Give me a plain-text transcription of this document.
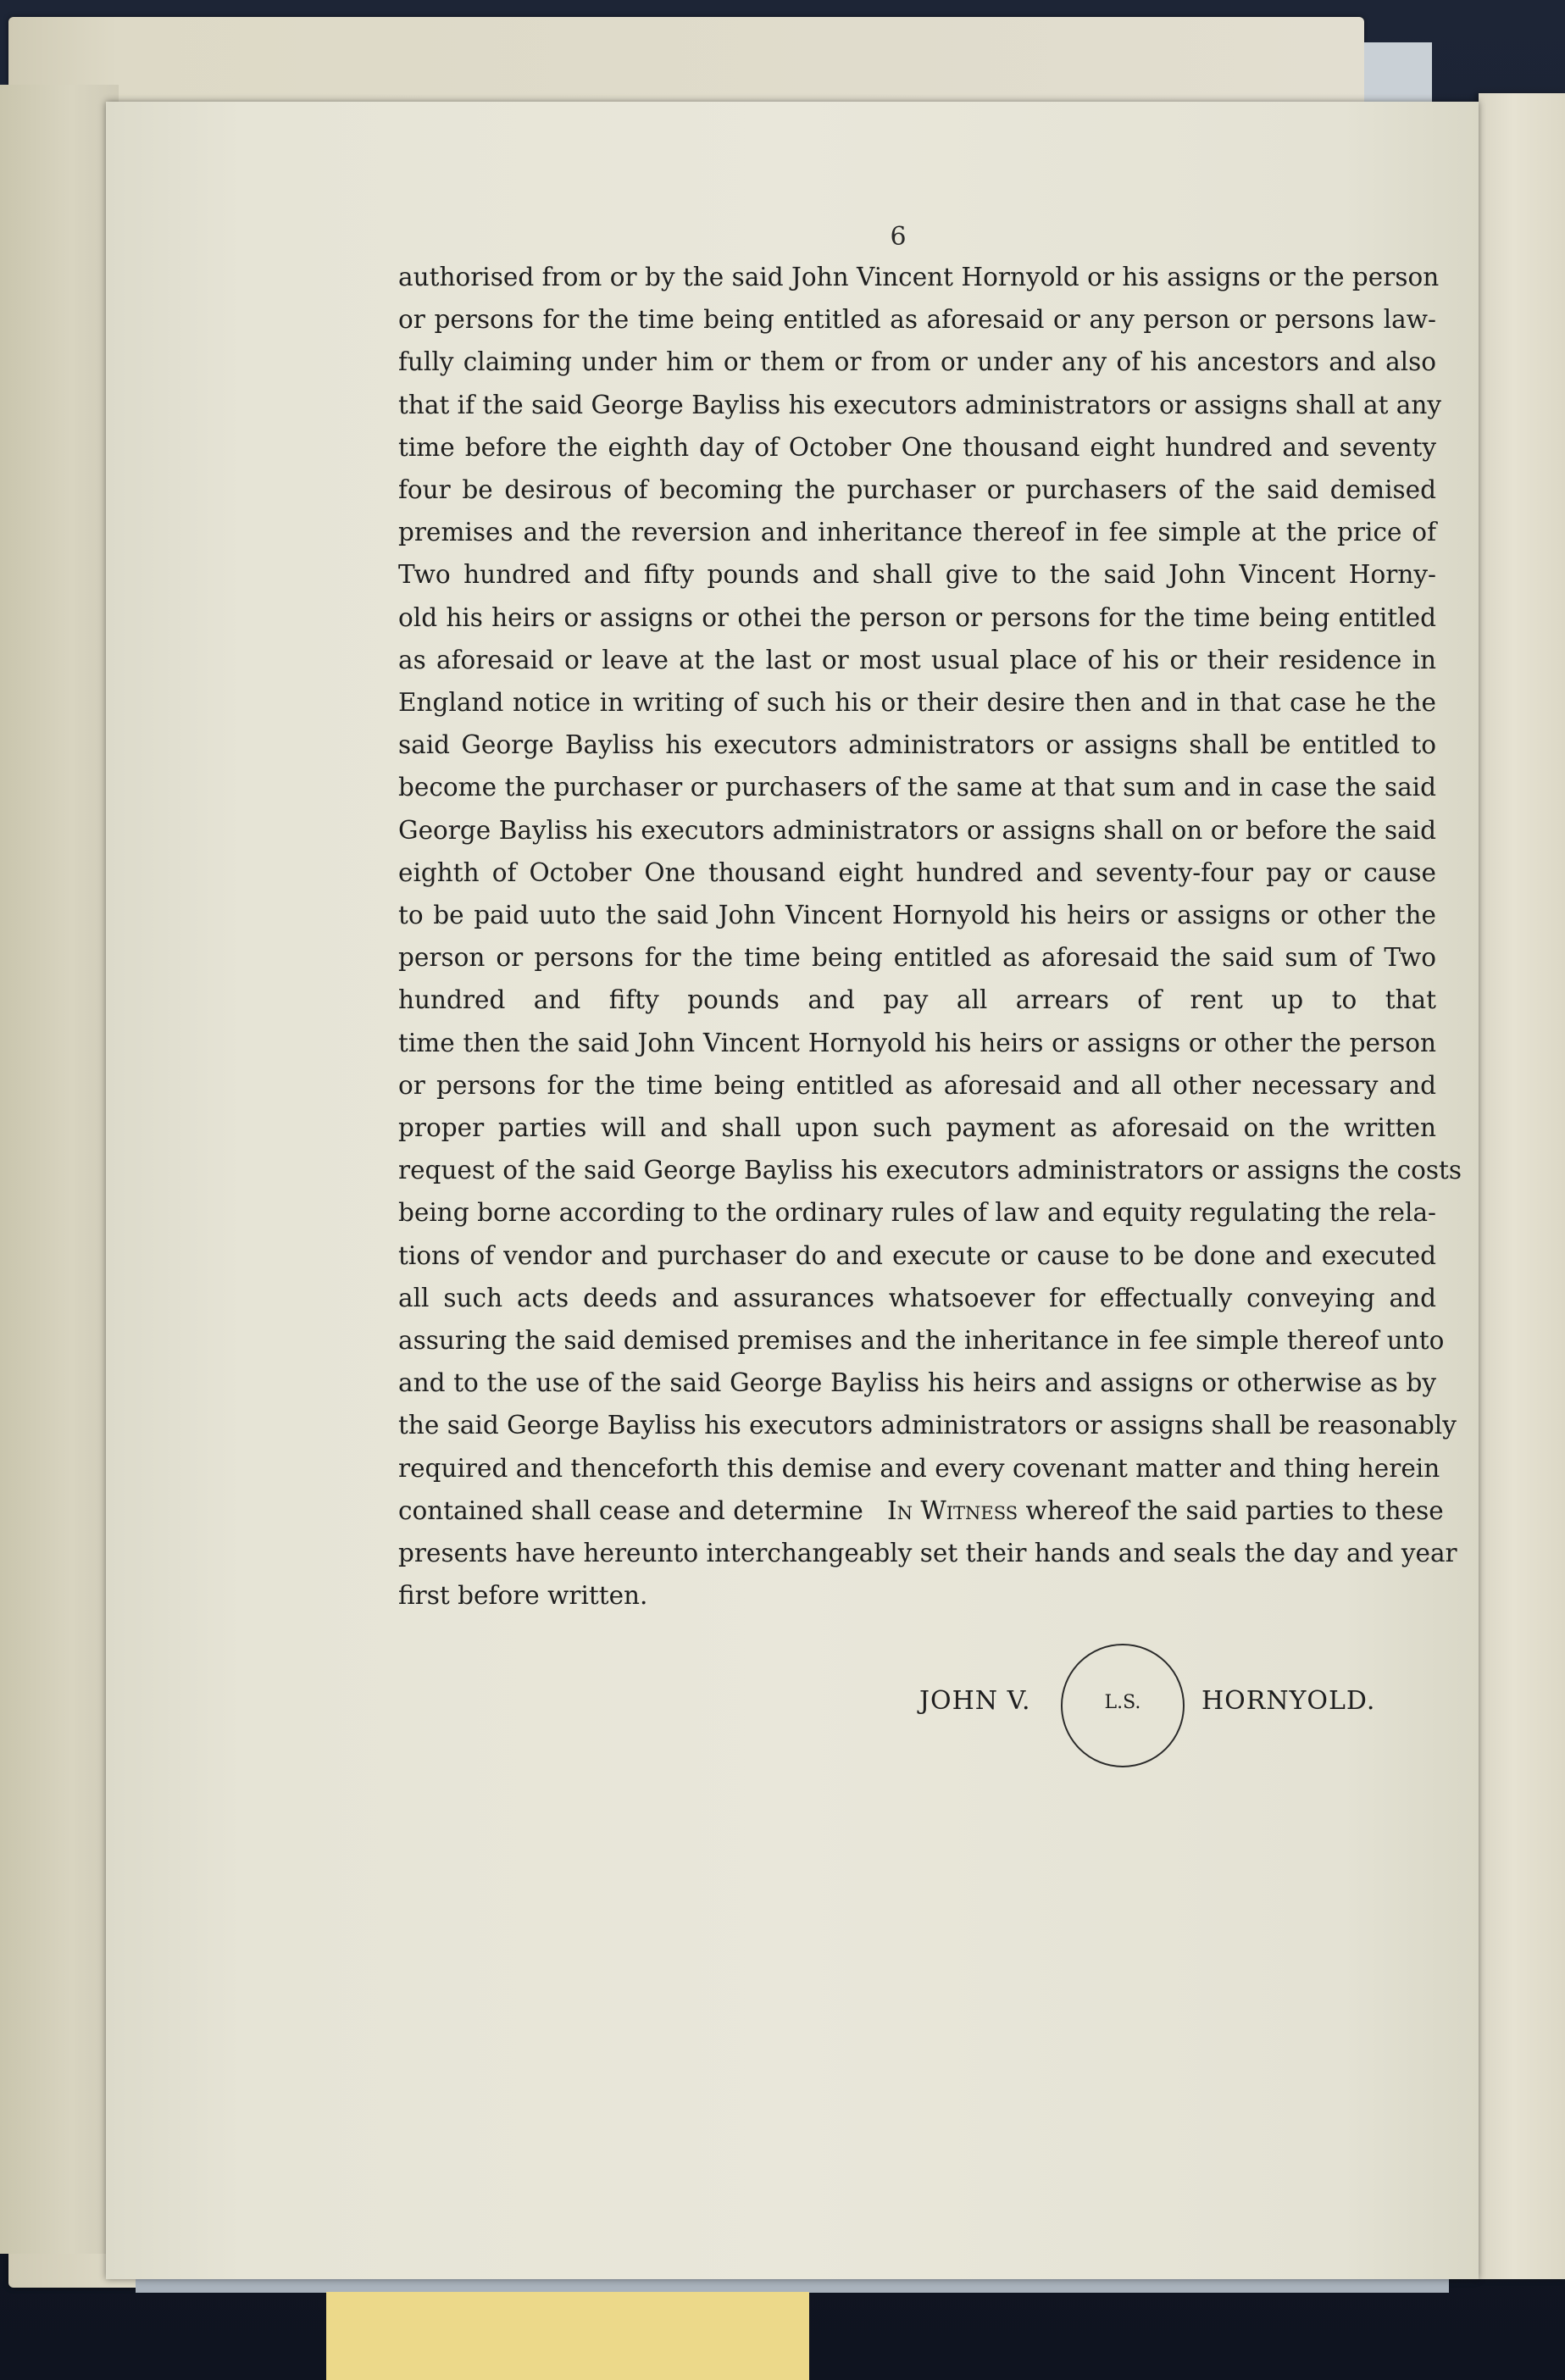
6
authorised from or by the said John Vincent Hornyold or his assigns or the person
or persons for the time being entitled as aforesaid or any person or persons law-
fully claiming under him or them or from or under any of his ancestors and also
that if the said George Bayliss his executors administrators or assigns shall at any
time before the eighth day of October One thousand eight hundred and seventy
four be desirous of becoming the purchaser or purchasers of the said demised
premises and the reversion and inheritance thereof in fee simple at the price of
Two hundred and fifty pounds and shall give to the said John Vincent Horny-
old his heirs or assigns or othei the person or persons for the time being entitled
as aforesaid or leave at the last or most usual place of his or their residence in
England notice in writing of such his or their desire then and in that case he the
said George Bayliss his executors administrators or assigns shall be entitled to
become the purchaser or purchasers of the same at that sum and in case the said
George Bayliss his executors administrators or assigns shall on or before the said
eighth of October One thousand eight hundred and seventy-four pay or cause
to be paid uuto the said John Vincent Hornyold his heirs or assigns or other the
person or persons for the time being entitled as aforesaid the said sum of Two
hundred and fifty pounds and pay all arrears of rent up to that
time then the said John Vincent Hornyold his heirs or assigns or other the person
or persons for the time being entitled as aforesaid and all other necessary and
proper parties will and shall upon such payment as aforesaid on the written
request of the said George Bayliss his executors administrators or assigns the costs
being borne according to the ordinary rules of law and equity regulating the rela-
tions of vendor and purchaser do and execute or cause to be done and executed
all such acts deeds and assurances whatsoever for effectually conveying and
assuring the said demised premises and the inheritance in fee simple thereof unto
and to the use of the said George Bayliss his heirs and assigns or otherwise as by
the said George Bayliss his executors administrators or assigns shall be reasonably
required and thenceforth this demise and every covenant matter and thing herein
contained shall cease and determine In Witness whereof the said parties to these
presents have hereunto interchangeably set their hands and seals the day and year
first before written.
JOHN V.	L.S.	HORNYOLD.
